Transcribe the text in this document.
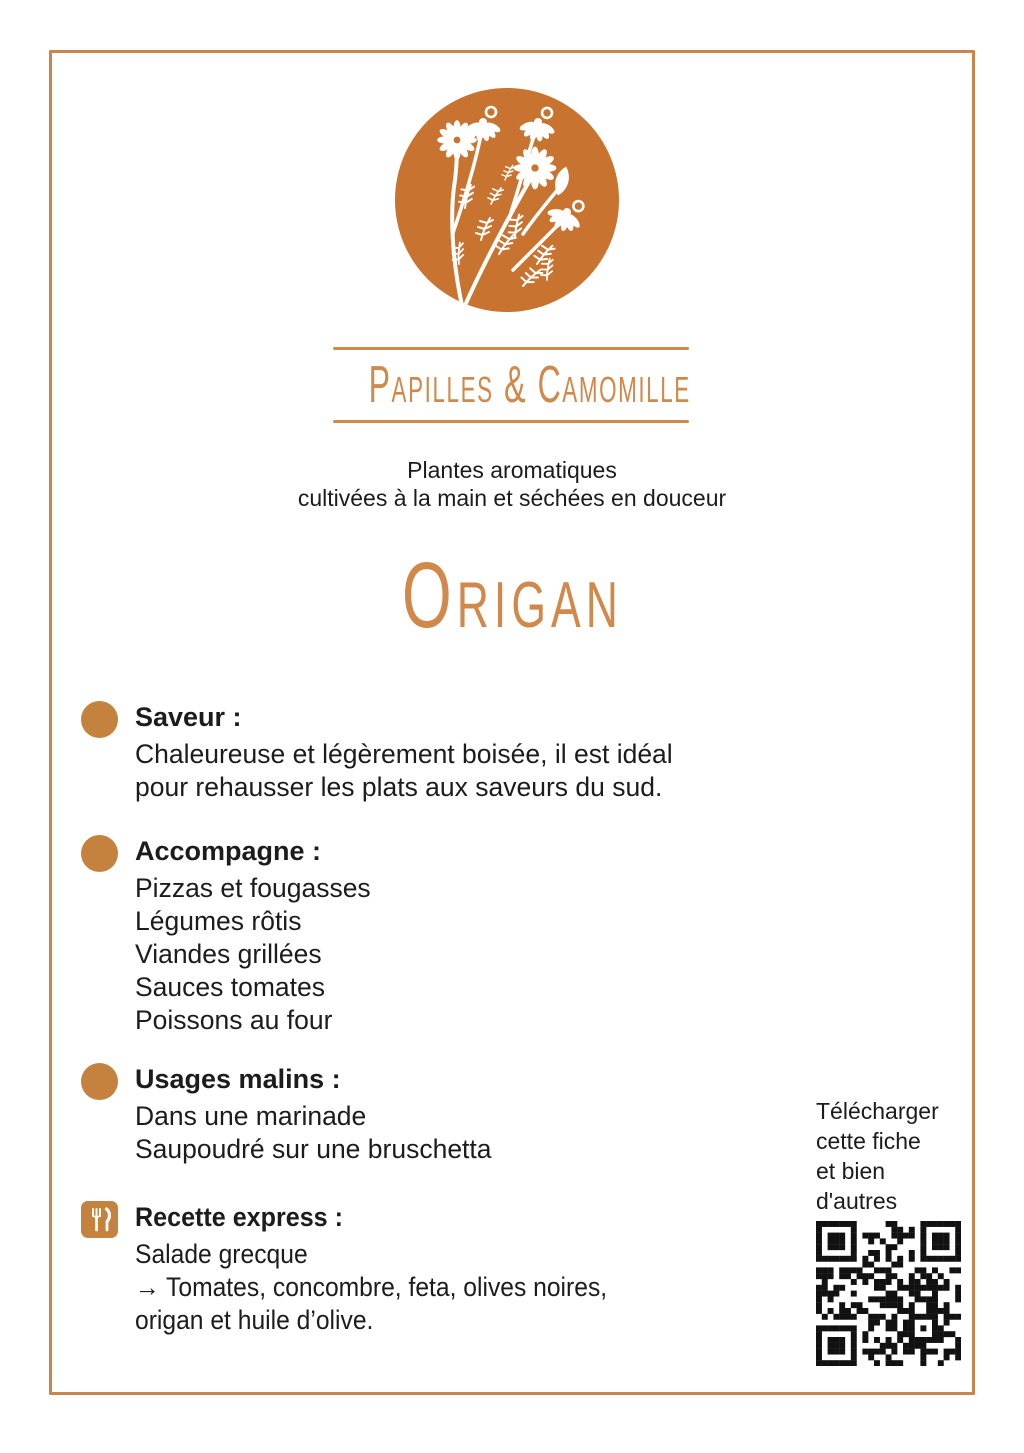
Papilles & Camomille
Plantes aromatiques
cultivées à la main et séchées en douceur
Origan
Saveur :

Chaleureuse et légèrement boisée, il est idéal

pour rehausser les plats aux saveurs du sud.

Accompagne :

Pizzas et fougasses

Légumes rôtis

Viandes grillées

Sauces tomates

Poissons au four

Usages malins :

Dans une marinade

Saupoudré sur une bruschetta

Recette express :

Salade grecque

→ Tomates, concombre, feta, olives noires,

origan et huile d’olive.

Télécharger
cette fiche
et bien
d'autres
